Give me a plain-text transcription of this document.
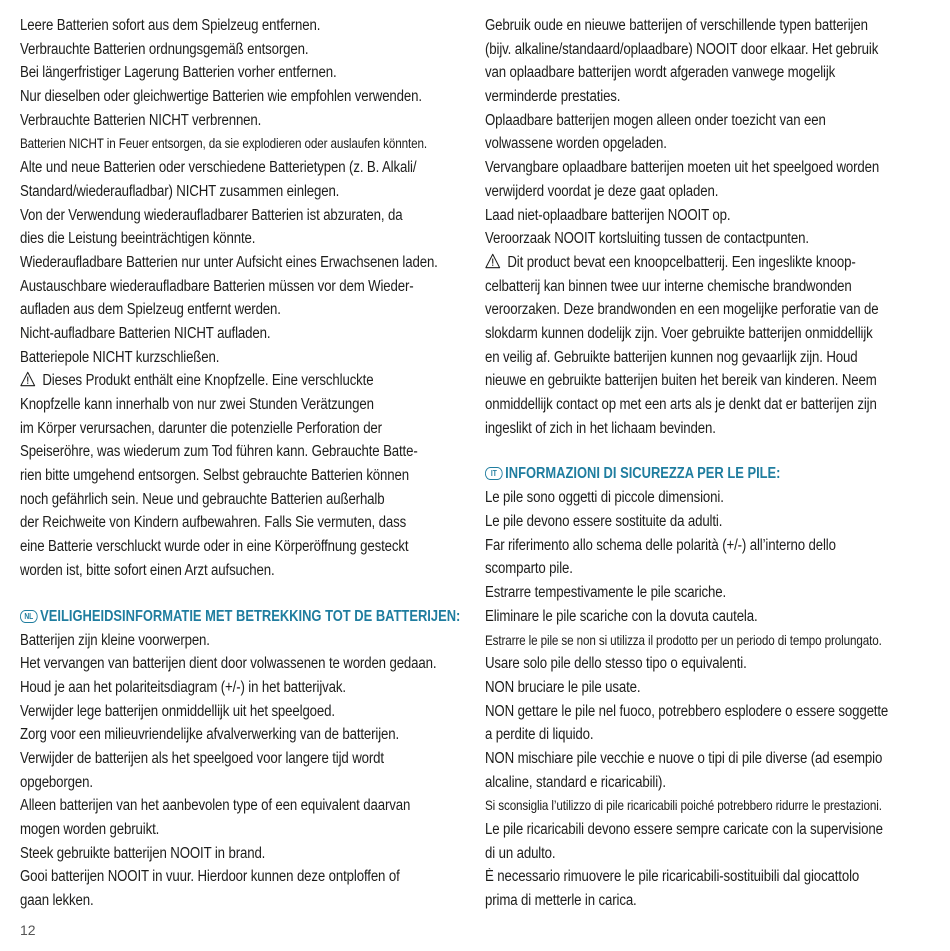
Leere Batterien sofort aus dem Spielzeug entfernen.
Verbrauchte Batterien ordnungsgemäß entsorgen.
Bei längerfristiger Lagerung Batterien vorher entfernen.
Nur dieselben oder gleichwertige Batterien wie empfohlen verwenden.
Verbrauchte Batterien NICHT verbrennen.
Batterien NICHT in Feuer entsorgen, da sie explodieren oder auslaufen könnten.
Alte und neue Batterien oder verschiedene Batterietypen (z. B. Alkali/
Standard/wiederaufladbar) NICHT zusammen einlegen.
Von der Verwendung wiederaufladbarer Batterien ist abzuraten, da
dies die Leistung beeinträchtigen könnte.
Wiederaufladbare Batterien nur unter Aufsicht eines Erwachsenen laden.
Austauschbare wiederaufladbare Batterien müssen vor dem Wieder-
aufladen aus dem Spielzeug entfernt werden.
Nicht-aufladbare Batterien NICHT aufladen.
Batteriepole NICHT kurzschließen.
Dieses Produkt enthält eine Knopfzelle. Eine verschluckte
Knopfzelle kann innerhalb von nur zwei Stunden Verätzungen
im Körper verursachen, darunter die potenzielle Perforation der
Speiseröhre, was wiederum zum Tod führen kann. Gebrauchte Batte-
rien bitte umgehend entsorgen. Selbst gebrauchte Batterien können
noch gefährlich sein. Neue und gebrauchte Batterien außerhalb
der Reichweite von Kindern aufbewahren. Falls Sie vermuten, dass
eine Batterie verschluckt wurde oder in eine Körperöffnung gesteckt
worden ist, bitte sofort einen Arzt aufsuchen.
NL VEILIGHEIDSINFORMATIE MET BETREKKING TOT DE BATTERIJEN:
Batterijen zijn kleine voorwerpen.
Het vervangen van batterijen dient door volwassenen te worden gedaan.
Houd je aan het polariteitsdiagram (+/-) in het batterijvak.
Verwijder lege batterijen onmiddellijk uit het speelgoed.
Zorg voor een milieuvriendelijke afvalverwerking van de batterijen.
Verwijder de batterijen als het speelgoed voor langere tijd wordt
opgeborgen.
Alleen batterijen van het aanbevolen type of een equivalent daarvan
mogen worden gebruikt.
Steek gebruikte batterijen NOOIT in brand.
Gooi batterijen NOOIT in vuur. Hierdoor kunnen deze ontploffen of
gaan lekken.
Gebruik oude en nieuwe batterijen of verschillende typen batterijen
(bijv. alkaline/standaard/oplaadbare) NOOIT door elkaar. Het gebruik
van oplaadbare batterijen wordt afgeraden vanwege mogelijk
verminderde prestaties.
Oplaadbare batterijen mogen alleen onder toezicht van een
volwassene worden opgeladen.
Vervangbare oplaadbare batterijen moeten uit het speelgoed worden
verwijderd voordat je deze gaat opladen.
Laad niet-oplaadbare batterijen NOOIT op.
Veroorzaak NOOIT kortsluiting tussen de contactpunten.
Dit product bevat een knoopcelbatterij. Een ingeslikte knoop-
celbatterij kan binnen twee uur interne chemische brandwonden
veroorzaken. Deze brandwonden en een mogelijke perforatie van de
slokdarm kunnen dodelijk zijn. Voer gebruikte batterijen onmiddellijk
en veilig af. Gebruikte batterijen kunnen nog gevaarlijk zijn. Houd
nieuwe en gebruikte batterijen buiten het bereik van kinderen. Neem
onmiddellijk contact op met een arts als je denkt dat er batterijen zijn
ingeslikt of zich in het lichaam bevinden.
IT INFORMAZIONI DI SICUREZZA PER LE PILE:
Le pile sono oggetti di piccole dimensioni.
Le pile devono essere sostituite da adulti.
Far riferimento allo schema delle polarità (+/-) all’interno dello
scomparto pile.
Estrarre tempestivamente le pile scariche.
Eliminare le pile scariche con la dovuta cautela.
Estrarre le pile se non si utilizza il prodotto per un periodo di tempo prolungato.
Usare solo pile dello stesso tipo o equivalenti.
NON bruciare le pile usate.
NON gettare le pile nel fuoco, potrebbero esplodere o essere soggette
a perdite di liquido.
NON mischiare pile vecchie e nuove o tipi di pile diverse (ad esempio
alcaline, standard e ricaricabili).
Si sconsiglia l’utilizzo di pile ricaricabili poiché potrebbero ridurre le prestazioni.
Le pile ricaricabili devono essere sempre caricate con la supervisione
di un adulto.
È necessario rimuovere le pile ricaricabili-sostituibili dal giocattolo
prima di metterle in carica.
12
